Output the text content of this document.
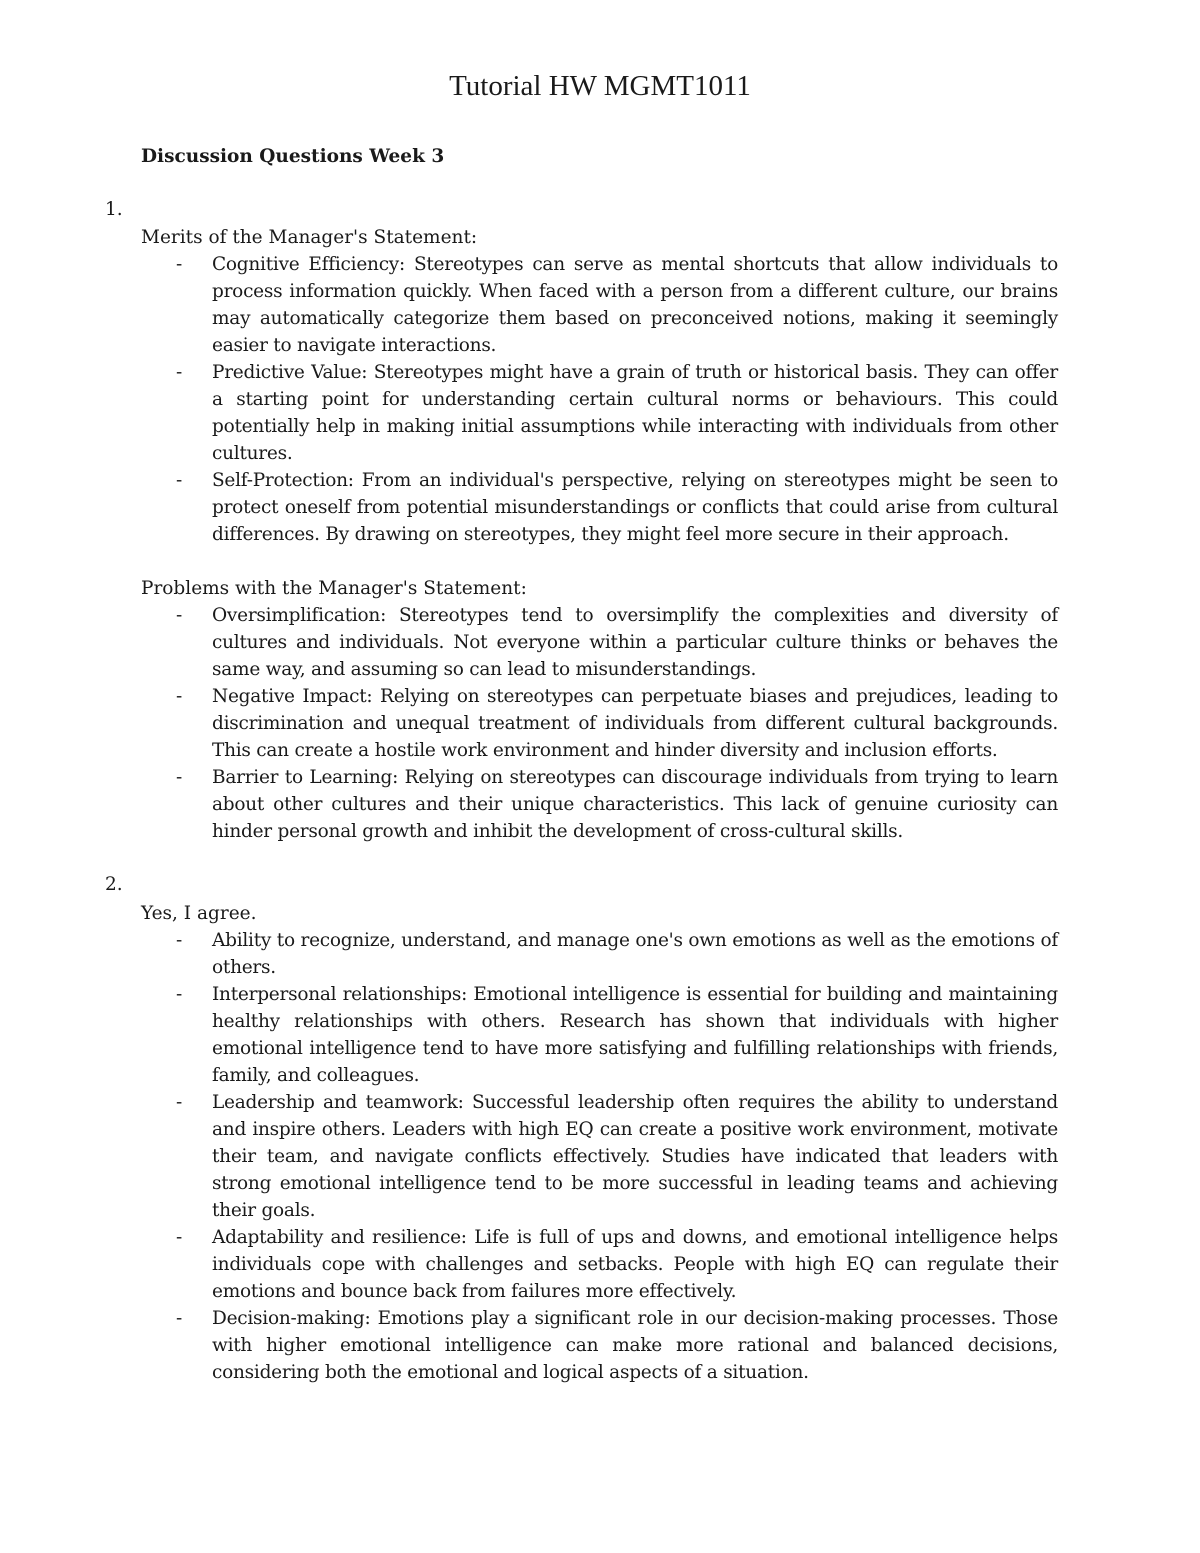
Tutorial HW MGMT1011
Discussion Questions Week 3

1.

Merits of the Manager's Statement:

- Cognitive Efficiency: Stereotypes can serve as mental shortcuts that allow individuals to process information quickly. When faced with a person from a different culture, our brains may automatically categorize them based on preconceived notions, making it seemingly easier to navigate interactions.
- Predictive Value: Stereotypes might have a grain of truth or historical basis. They can offer a starting point for understanding certain cultural norms or behaviours. This could potentially help in making initial assumptions while interacting with individuals from other cultures.
- Self-Protection: From an individual's perspective, relying on stereotypes might be seen to protect oneself from potential misunderstandings or conflicts that could arise from cultural differences. By drawing on stereotypes, they might feel more secure in their approach.

Problems with the Manager's Statement:

- Oversimplification: Stereotypes tend to oversimplify the complexities and diversity of cultures and individuals. Not everyone within a particular culture thinks or behaves the same way, and assuming so can lead to misunderstandings.
- Negative Impact: Relying on stereotypes can perpetuate biases and prejudices, leading to discrimination and unequal treatment of individuals from different cultural backgrounds. This can create a hostile work environment and hinder diversity and inclusion efforts.
- Barrier to Learning: Relying on stereotypes can discourage individuals from trying to learn about other cultures and their unique characteristics. This lack of genuine curiosity can hinder personal growth and inhibit the development of cross-cultural skills.

2.

Yes, I agree.

- Ability to recognize, understand, and manage one's own emotions as well as the emotions of others.
- Interpersonal relationships: Emotional intelligence is essential for building and maintaining healthy relationships with others. Research has shown that individuals with higher emotional intelligence tend to have more satisfying and fulfilling relationships with friends, family, and colleagues.
- Leadership and teamwork: Successful leadership often requires the ability to understand and inspire others. Leaders with high EQ can create a positive work environment, motivate their team, and navigate conflicts effectively. Studies have indicated that leaders with strong emotional intelligence tend to be more successful in leading teams and achieving their goals.
- Adaptability and resilience: Life is full of ups and downs, and emotional intelligence helps individuals cope with challenges and setbacks. People with high EQ can regulate their emotions and bounce back from failures more effectively.
- Decision-making: Emotions play a significant role in our decision-making processes. Those with higher emotional intelligence can make more rational and balanced decisions, considering both the emotional and logical aspects of a situation.
